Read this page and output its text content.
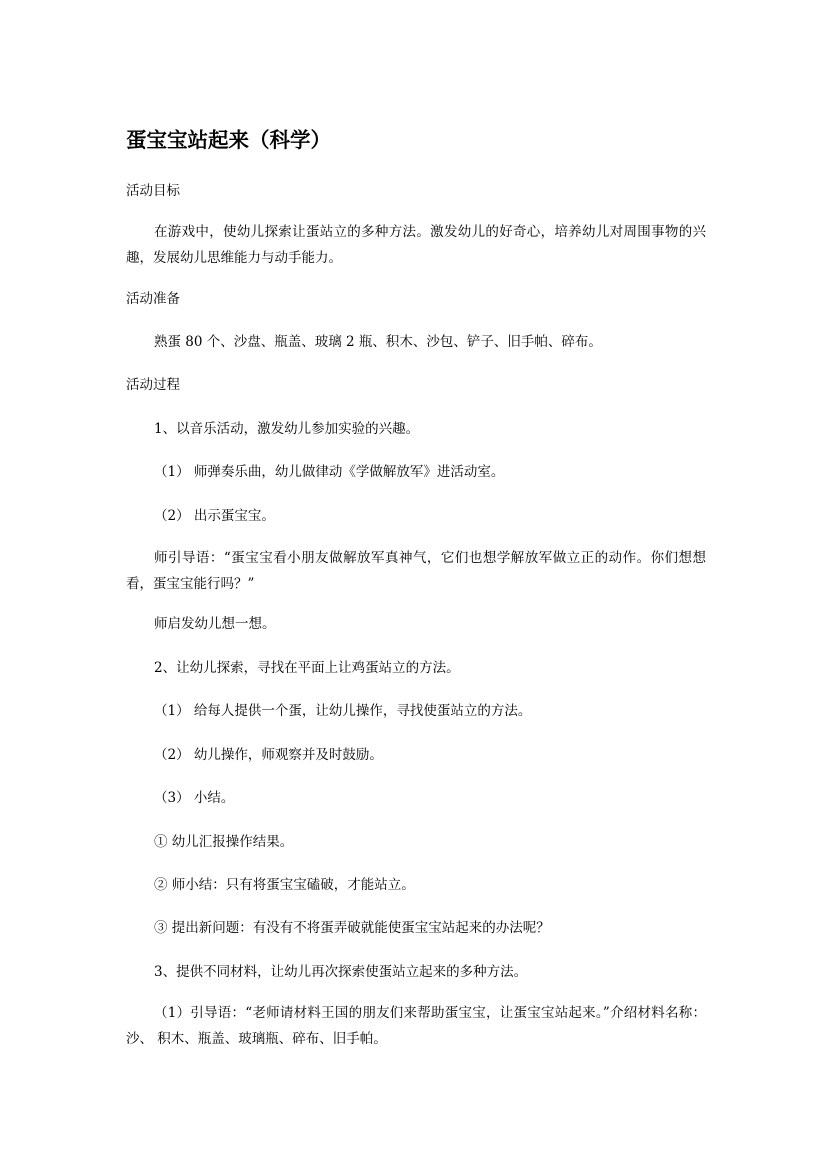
蛋宝宝站起来（科学）
活动目标
在游戏中，使幼儿探索让蛋站立的多种方法。激发幼儿的好奇心，培养幼儿对周围事物的兴趣，发展幼儿思维能力与动手能力。
活动准备
熟蛋 80 个、沙盘、瓶盖、玻璃 2 瓶、积木、沙包、铲子、旧手帕、碎布。
活动过程
1、以音乐活动，激发幼儿参加实验的兴趣。
（1） 师弹奏乐曲，幼儿做律动《学做解放军》进活动室。
（2） 出示蛋宝宝。
师引导语：“蛋宝宝看小朋友做解放军真神气，它们也想学解放军做立正的动作。你们想想看，蛋宝宝能行吗？”
师启发幼儿想一想。
2、让幼儿探索，寻找在平面上让鸡蛋站立的方法。
（1） 给每人提供一个蛋，让幼儿操作，寻找使蛋站立的方法。
（2） 幼儿操作，师观察并及时鼓励。
（3） 小结。
① 幼儿汇报操作结果。
② 师小结：只有将蛋宝宝磕破，才能站立。
③ 提出新问题：有没有不将蛋弄破就能使蛋宝宝站起来的办法呢？
3、提供不同材料，让幼儿再次探索使蛋站立起来的多种方法。
（1）引导语：“老师请材料王国的朋友们来帮助蛋宝宝，让蛋宝宝站起来。”介绍材料名称：沙、 积木、瓶盖、玻璃瓶、碎布、旧手帕。
